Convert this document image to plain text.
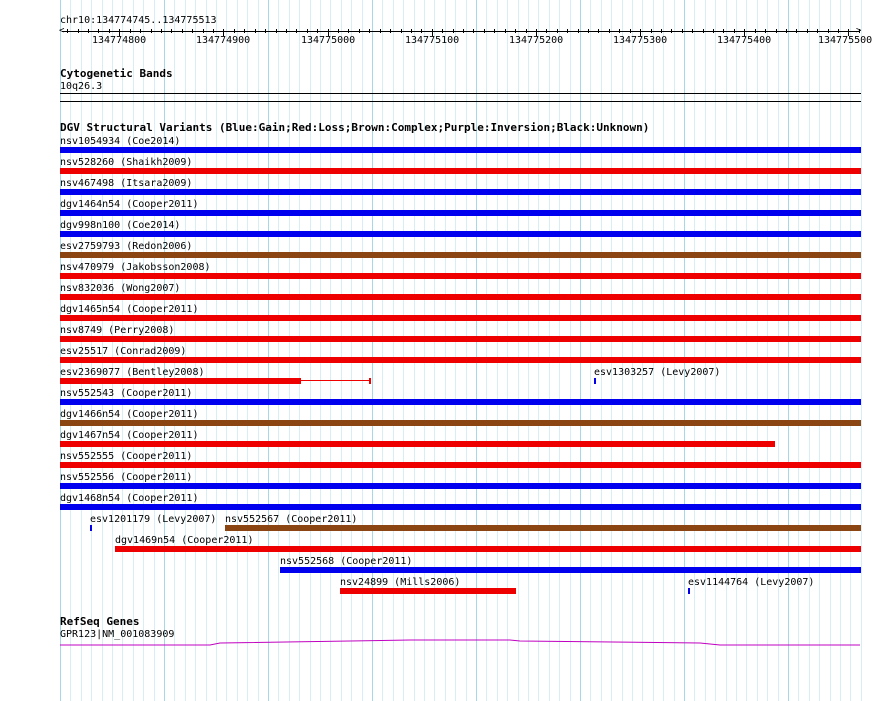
chr10:134774745..134775513
<	>
134774800	134774900	134775000	134775100	134775200	134775300	134775400	134775500
Cytogenetic Bands
10q26.3
DGV Structural Variants (Blue:Gain;Red:Loss;Brown:Complex;Purple:Inversion;Black:Unknown)
nsv1054934 (Coe2014)
nsv528260 (Shaikh2009)
nsv467498 (Itsara2009)
dgv1464n54 (Cooper2011)
dgv998n100 (Coe2014)
esv2759793 (Redon2006)
nsv470979 (Jakobsson2008)
nsv832036 (Wong2007)
dgv1465n54 (Cooper2011)
nsv8749 (Perry2008)
esv25517 (Conrad2009)
esv2369077 (Bentley2008)	esv1303257 (Levy2007)
nsv552543 (Cooper2011)
dgv1466n54 (Cooper2011)
dgv1467n54 (Cooper2011)
nsv552555 (Cooper2011)
nsv552556 (Cooper2011)
dgv1468n54 (Cooper2011)
esv1201179 (Levy2007) nsv552567 (Cooper2011)
dgv1469n54 (Cooper2011)
nsv552568 (Cooper2011)
nsv24899 (Mills2006)	esv1144764 (Levy2007)
RefSeq Genes
GPR123|NM_001083909
